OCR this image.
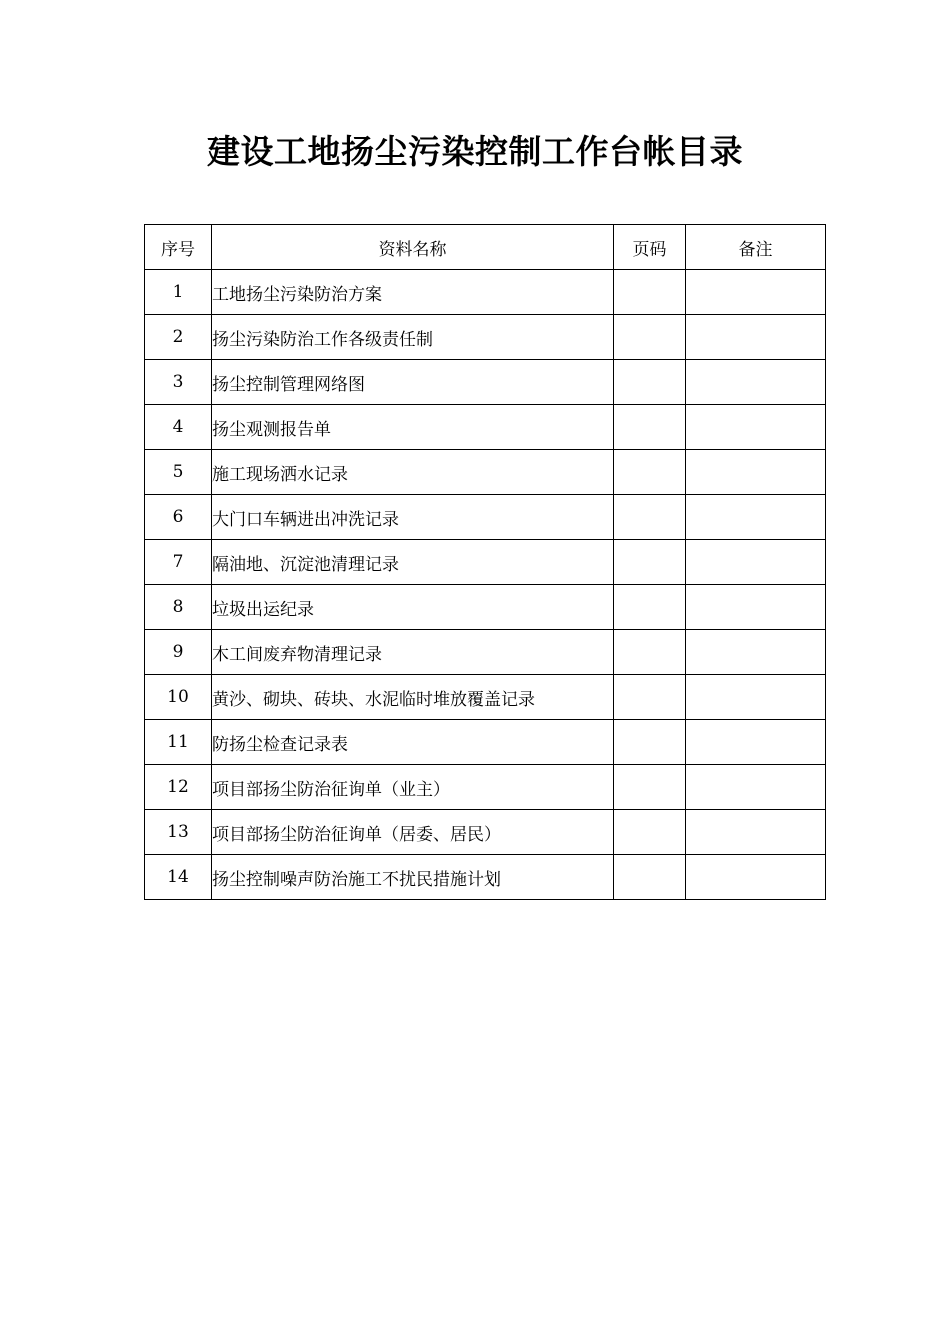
建设工地扬尘污染控制工作台帐目录
序号	资料名称	页码	备注
1	工地扬尘污染防治方案		
2	扬尘污染防治工作各级责任制		
3	扬尘控制管理网络图		
4	扬尘观测报告单		
5	施工现场洒水记录		
6	大门口车辆进出冲洗记录		
7	隔油地、沉淀池清理记录		
8	垃圾出运纪录		
9	木工间废弃物清理记录		
10	黄沙、砌块、砖块、水泥临时堆放覆盖记录		
11	防扬尘检查记录表		
12	项目部扬尘防治征询单（业主）		
13	项目部扬尘防治征询单（居委、居民）		
14	扬尘控制噪声防治施工不扰民措施计划		
